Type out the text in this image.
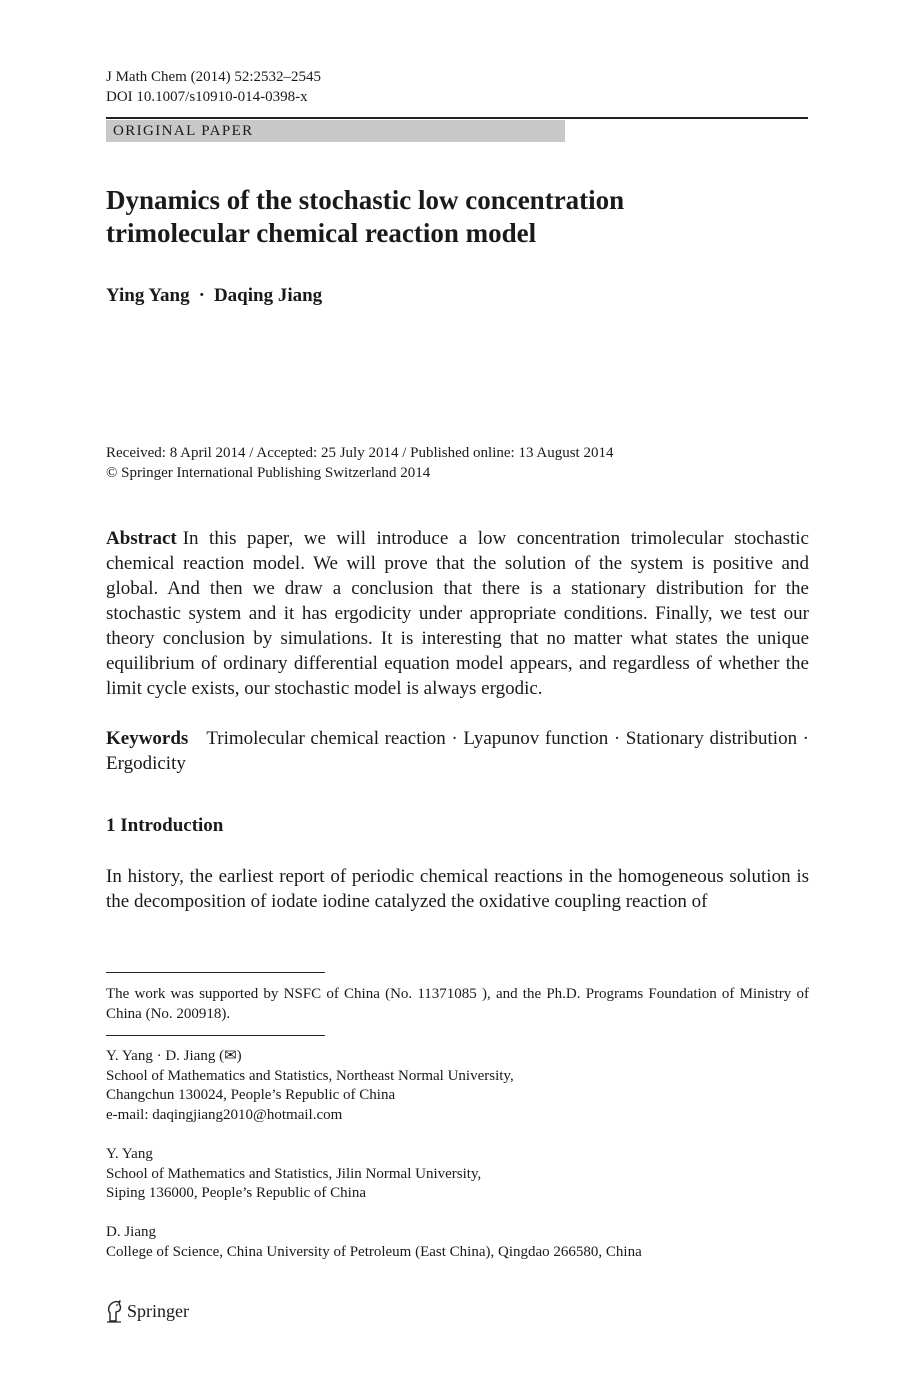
J Math Chem (2014) 52:2532–2545
DOI 10.1007/s10910-014-0398-x
ORIGINAL PAPER
Dynamics of the stochastic low concentration
trimolecular chemical reaction model
Ying Yang · Daqing Jiang
Received: 8 April 2014 / Accepted: 25 July 2014 / Published online: 13 August 2014
© Springer International Publishing Switzerland 2014
Abstract In this paper, we will introduce a low concentration trimolecular stochastic chemical reaction model. We will prove that the solution of the system is positive and global. And then we draw a conclusion that there is a stationary distribution for the stochastic system and it has ergodicity under appropriate conditions. Finally, we test our theory conclusion by simulations. It is interesting that no matter what states the unique equilibrium of ordinary differential equation model appears, and regardless of whether the limit cycle exists, our stochastic model is always ergodic.
Keywords Trimolecular chemical reaction · Lyapunov function · Stationary distribution · Ergodicity
1 Introduction
In history, the earliest report of periodic chemical reactions in the homogeneous solution is the decomposition of iodate iodine catalyzed the oxidative coupling reaction of
The work was supported by NSFC of China (No. 11371085 ), and the Ph.D. Programs Foundation of Ministry of China (No. 200918).
Y. Yang · D. Jiang (✉)
School of Mathematics and Statistics, Northeast Normal University,
Changchun 130024, People’s Republic of China
e-mail: daqingjiang2010@hotmail.com
Y. Yang
School of Mathematics and Statistics, Jilin Normal University,
Siping 136000, People’s Republic of China
D. Jiang
College of Science, China University of Petroleum (East China), Qingdao 266580, China
Springer
